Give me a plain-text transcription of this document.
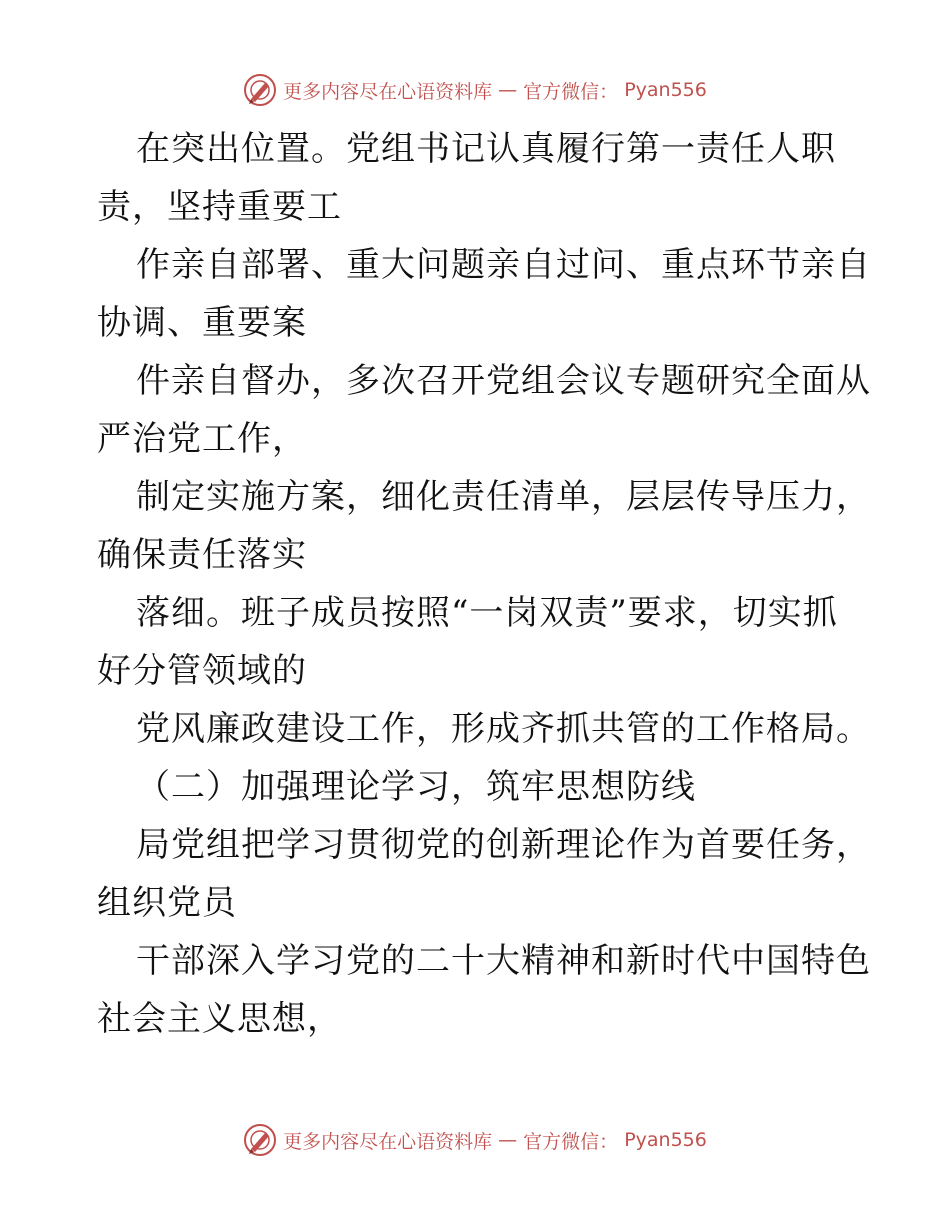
更多内容尽在心语资料库 — 官方微信： Pyan556
在突出位置。党组书记认真履行第一责任人职
责，坚持重要工
作亲自部署、重大问题亲自过问、重点环节亲自
协调、重要案
件亲自督办，多次召开党组会议专题研究全面从
严治党工作，
制定实施方案，细化责任清单，层层传导压力，
确保责任落实
落细。班子成员按照“一岗双责”要求，切实抓
好分管领域的
党风廉政建设工作，形成齐抓共管的工作格局。
（二）加强理论学习，筑牢思想防线
局党组把学习贯彻党的创新理论作为首要任务，
组织党员
干部深入学习党的二十大精神和新时代中国特色
社会主义思想，
更多内容尽在心语资料库 — 官方微信： Pyan556
